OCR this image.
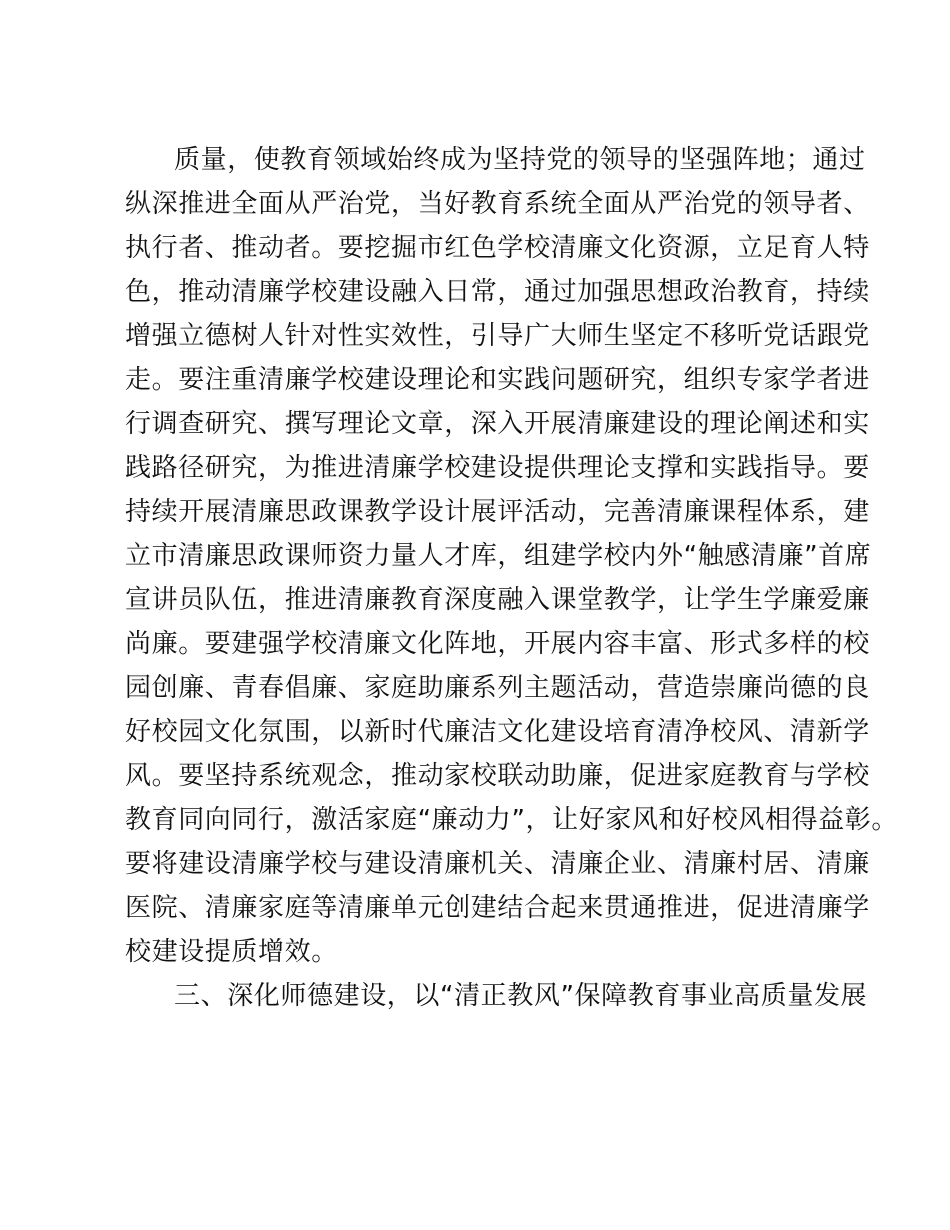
质量，使教育领域始终成为坚持党的领导的坚强阵地；通过
纵深推进全面从严治党，当好教育系统全面从严治党的领导者、
执行者、推动者。要挖掘市红色学校清廉文化资源，立足育人特
色，推动清廉学校建设融入日常，通过加强思想政治教育，持续
增强立德树人针对性实效性，引导广大师生坚定不移听党话跟党
走。要注重清廉学校建设理论和实践问题研究，组织专家学者进
行调查研究、撰写理论文章，深入开展清廉建设的理论阐述和实
践路径研究，为推进清廉学校建设提供理论支撑和实践指导。要
持续开展清廉思政课教学设计展评活动，完善清廉课程体系，建
立市清廉思政课师资力量人才库，组建学校内外“触感清廉”首席
宣讲员队伍，推进清廉教育深度融入课堂教学，让学生学廉爱廉
尚廉。要建强学校清廉文化阵地，开展内容丰富、形式多样的校
园创廉、青春倡廉、家庭助廉系列主题活动，营造崇廉尚德的良
好校园文化氛围，以新时代廉洁文化建设培育清净校风、清新学
风。要坚持系统观念，推动家校联动助廉，促进家庭教育与学校
教育同向同行，激活家庭“廉动力”，让好家风和好校风相得益彰。
要将建设清廉学校与建设清廉机关、清廉企业、清廉村居、清廉
医院、清廉家庭等清廉单元创建结合起来贯通推进，促进清廉学
校建设提质增效。
三、深化师德建设，以“清正教风”保障教育事业高质量发展
